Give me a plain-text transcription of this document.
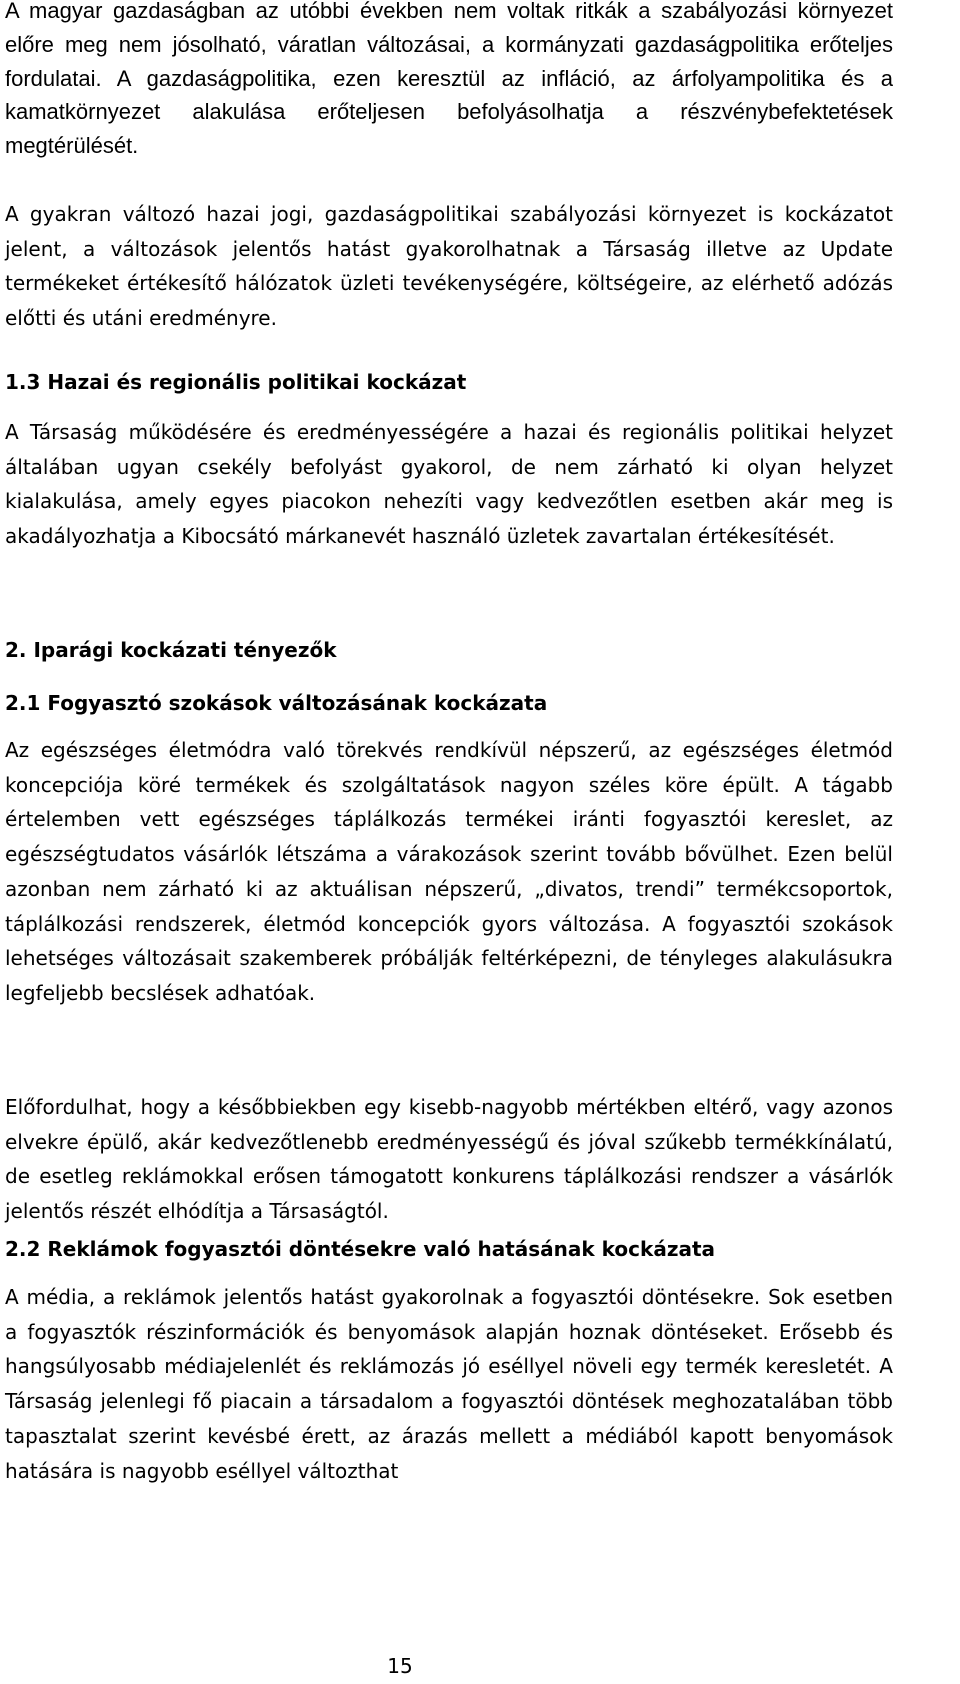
A magyar gazdaságban az utóbbi években nem voltak ritkák a szabályozási környezet előre meg nem jósolható, váratlan változásai, a kormányzati gazdaságpolitika erőteljes fordulatai. A gazdaságpolitika, ezen keresztül az infláció, az árfolyampolitika és a kamatkörnyezet alakulása erőteljesen befolyásolhatja a részvénybefektetések megtérülését.

A gyakran változó hazai jogi, gazdaságpolitikai szabályozási környezet is kockázatot jelent, a változások jelentős hatást gyakorolhatnak a Társaság illetve az Update termékeket értékesítő hálózatok üzleti tevékenységére, költségeire, az elérhető adózás előtti és utáni eredményre.

1.3 Hazai és regionális politikai kockázat

A Társaság működésére és eredményességére a hazai és regionális politikai helyzet általában ugyan csekély befolyást gyakorol, de nem zárható ki olyan helyzet kialakulása, amely egyes piacokon nehezíti vagy kedvezőtlen esetben akár meg is akadályozhatja a Kibocsátó márkanevét használó üzletek zavartalan értékesítését.

2. Iparági kockázati tényezők
2.1 Fogyasztó szokások változásának kockázata

Az egészséges életmódra való törekvés rendkívül népszerű, az egészséges életmód koncepciója köré termékek és szolgáltatások nagyon széles köre épült. A tágabb értelemben vett egészséges táplálkozás termékei iránti fogyasztói kereslet, az egészségtudatos vásárlók létszáma a várakozások szerint tovább bővülhet. Ezen belül azonban nem zárható ki az aktuálisan népszerű, „divatos, trendi” termékcsoportok, táplálkozási rendszerek, életmód koncepciók gyors változása. A fogyasztói szokások lehetséges változásait szakemberek próbálják feltérképezni, de tényleges alakulásukra legfeljebb becslések adhatóak.

Előfordulhat, hogy a későbbiekben egy kisebb-nagyobb mértékben eltérő, vagy azonos elvekre épülő, akár kedvezőtlenebb eredményességű és jóval szűkebb termékkínálatú, de esetleg reklámokkal erősen támogatott konkurens táplálkozási rendszer a vásárlók jelentős részét elhódítja a Társaságtól.

2.2 Reklámok fogyasztói döntésekre való hatásának kockázata

A média, a reklámok jelentős hatást gyakorolnak a fogyasztói döntésekre. Sok esetben a fogyasztók részinformációk és benyomások alapján hoznak döntéseket. Erősebb és hangsúlyosabb médiajelenlét és reklámozás jó eséllyel növeli egy termék keresletét. A Társaság jelenlegi fő piacain a társadalom a fogyasztói döntések meghozatalában több tapasztalat szerint kevésbé érett, az árazás mellett a médiából kapott benyomások hatására is nagyobb eséllyel változthat

15
